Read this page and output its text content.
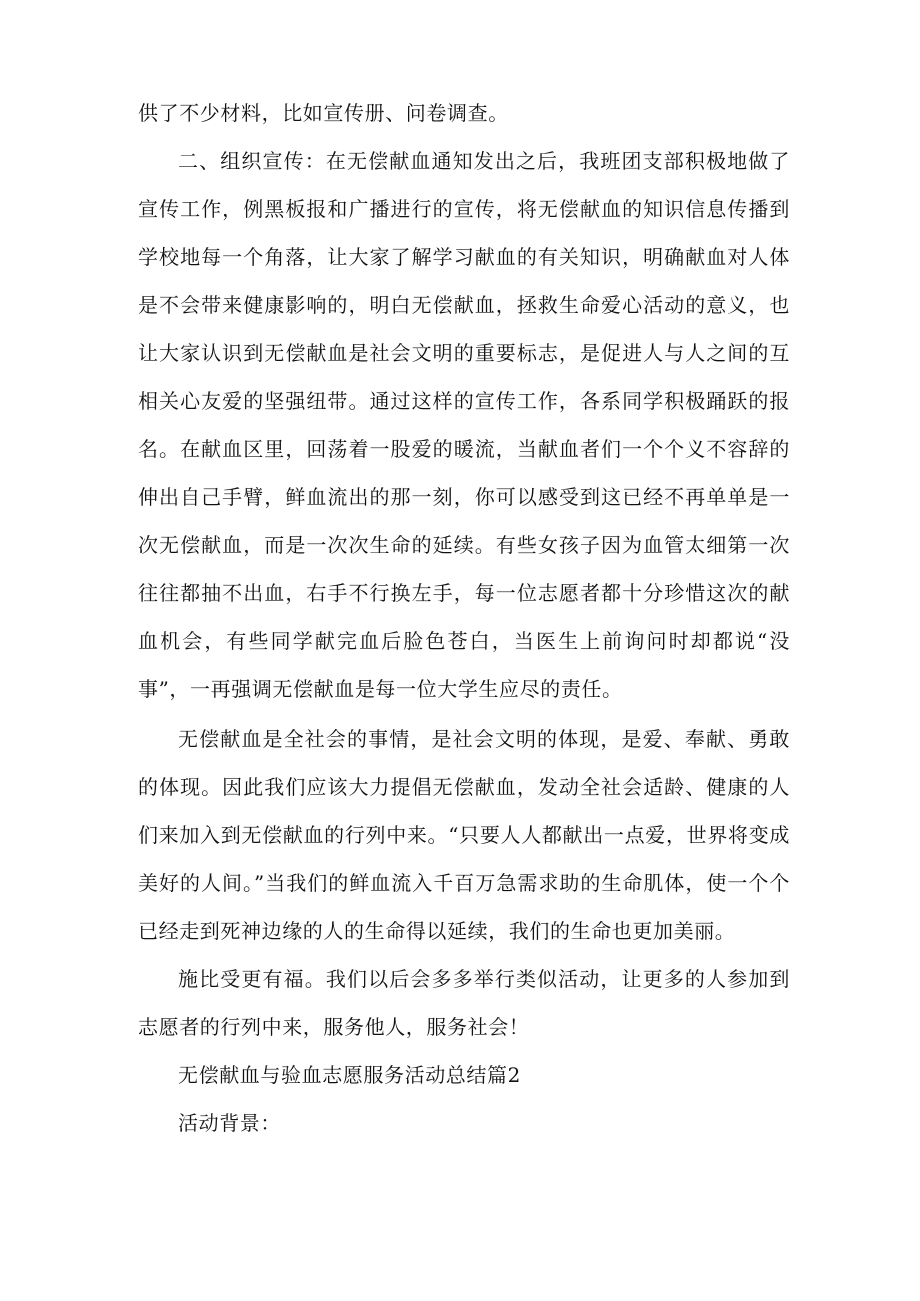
供了不少材料，比如宣传册、问卷调查。

二、组织宣传：在无偿献血通知发出之后，我班团支部积极地做了宣传工作，例黑板报和广播进行的宣传，将无偿献血的知识信息传播到学校地每一个角落，让大家了解学习献血的有关知识，明确献血对人体是不会带来健康影响的，明白无偿献血，拯救生命爱心活动的意义，也让大家认识到无偿献血是社会文明的重要标志，是促进人与人之间的互相关心友爱的坚强纽带。通过这样的宣传工作，各系同学积极踊跃的报名。在献血区里，回荡着一股爱的暖流，当献血者们一个个义不容辞的伸出自己手臂，鲜血流出的那一刻，你可以感受到这已经不再单单是一次无偿献血，而是一次次生命的延续。有些女孩子因为血管太细第一次往往都抽不出血，右手不行换左手，每一位志愿者都十分珍惜这次的献血机会，有些同学献完血后脸色苍白，当医生上前询问时却都说“没事”，一再强调无偿献血是每一位大学生应尽的责任。

无偿献血是全社会的事情，是社会文明的体现，是爱、奉献、勇敢的体现。因此我们应该大力提倡无偿献血，发动全社会适龄、健康的人们来加入到无偿献血的行列中来。“只要人人都献出一点爱，世界将变成美好的人间。”当我们的鲜血流入千百万急需求助的生命肌体，使一个个已经走到死神边缘的人的生命得以延续，我们的生命也更加美丽。

施比受更有福。我们以后会多多举行类似活动，让更多的人参加到志愿者的行列中来，服务他人，服务社会！

无偿献血与验血志愿服务活动总结篇2

活动背景：
